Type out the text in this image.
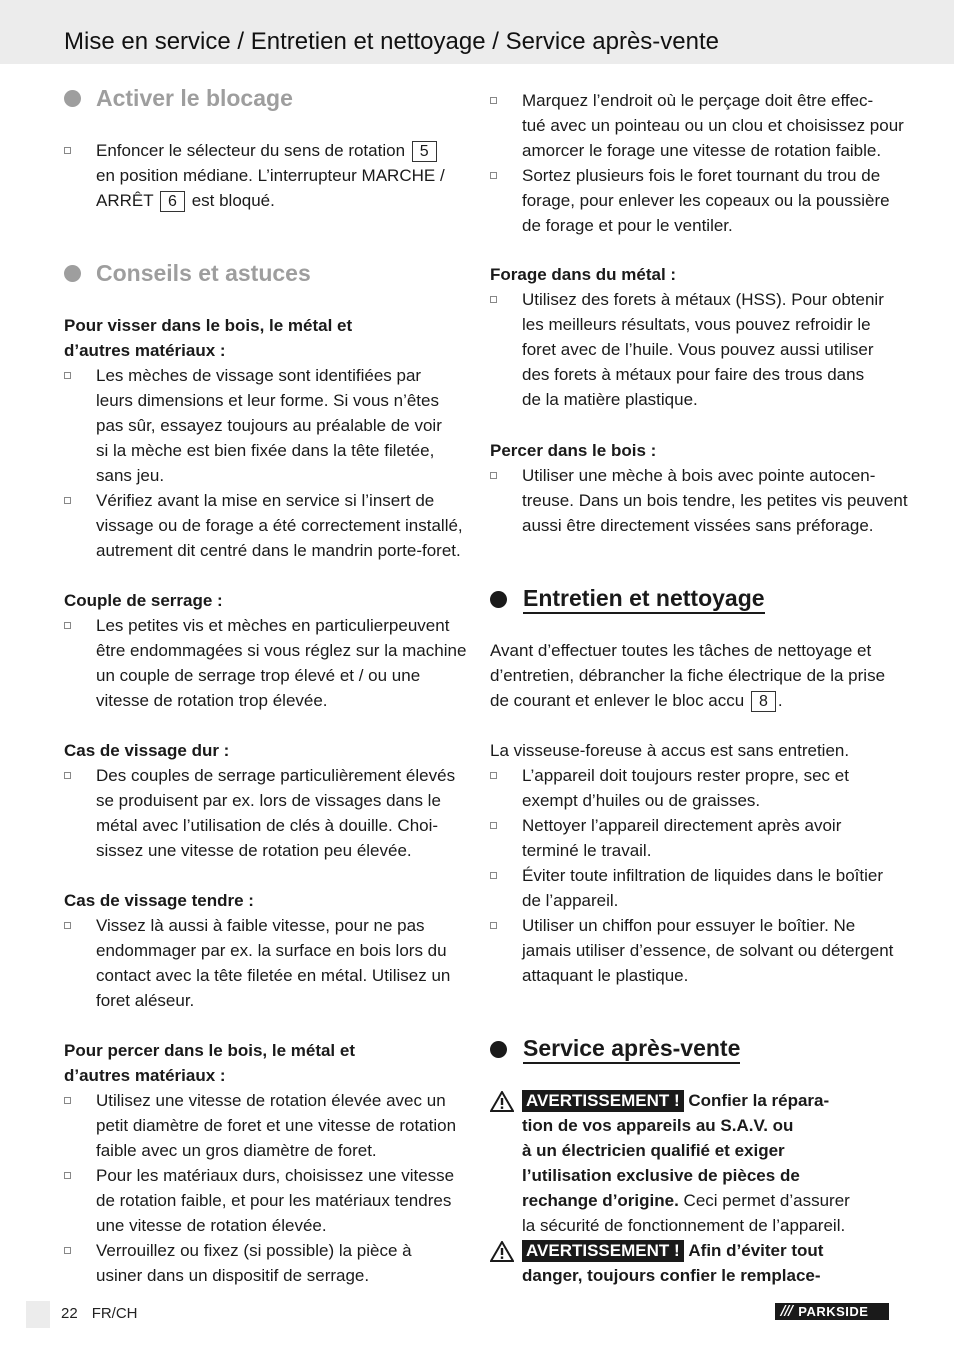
Mise en service / Entretien et nettoyage / Service après-vente
Activer le blocage
Enfoncer le sélecteur du sens de rotation 5
en position médiane. L’interrupteur MARCHE /
ARRÊT 6 est bloqué.
Conseils et astuces
Pour visser dans le bois, le métal et
d’autres matériaux :
Les mèches de vissage sont identifiées par
leurs dimensions et leur forme. Si vous n’êtes
pas sûr, essayez toujours au préalable de voir
si la mèche est bien fixée dans la tête filetée,
sans jeu.
Vérifiez avant la mise en service si l’insert de
vissage ou de forage a été correctement installé,
autrement dit centré dans le mandrin porte-foret.
Couple de serrage :
Les petites vis et mèches en particulierpeuvent
être endommagées si vous réglez sur la machine
un couple de serrage trop élevé et / ou une
vitesse de rotation trop élevée.
Cas de vissage dur :
Des couples de serrage particulièrement élevés
se produisent par ex. lors de vissages dans le
métal avec l’utilisation de clés à douille. Choi-
sissez une vitesse de rotation peu élevée.
Cas de vissage tendre :
Vissez là aussi à faible vitesse, pour ne pas
endommager par ex. la surface en bois lors du
contact avec la tête filetée en métal. Utilisez un
foret aléseur.
Pour percer dans le bois, le métal et
d’autres matériaux :
Utilisez une vitesse de rotation élevée avec un
petit diamètre de foret et une vitesse de rotation
faible avec un gros diamètre de foret.
Pour les matériaux durs, choisissez une vitesse
de rotation faible, et pour les matériaux tendres
une vitesse de rotation élevée.
Verrouillez ou fixez (si possible) la pièce à
usiner dans un dispositif de serrage.
Marquez l’endroit où le perçage doit être effec-
tué avec un pointeau ou un clou et choisissez pour
amorcer le forage une vitesse de rotation faible.
Sortez plusieurs fois le foret tournant du trou de
forage, pour enlever les copeaux ou la poussière
de forage et pour le ventiler.
Forage dans du métal :
Utilisez des forets à métaux (HSS). Pour obtenir
les meilleurs résultats, vous pouvez refroidir le
foret avec de l’huile. Vous pouvez aussi utiliser
des forets à métaux pour faire des trous dans
de la matière plastique.
Percer dans le bois :
Utiliser une mèche à bois avec pointe autocen-
treuse. Dans un bois tendre, les petites vis peuvent
aussi être directement vissées sans préforage.
Entretien et nettoyage
Avant d’effectuer toutes les tâches de nettoyage et
d’entretien, débrancher la fiche électrique de la prise
de courant et enlever le bloc accu 8 .
La visseuse-foreuse à accus est sans entretien.
L’appareil doit toujours rester propre, sec et
exempt d’huiles ou de graisses.
Nettoyer l’appareil directement après avoir
terminé le travail.
Éviter toute infiltration de liquides dans le boîtier
de l’appareil.
Utiliser un chiffon pour essuyer le boîtier. Ne
jamais utiliser d’essence, de solvant ou détergent
attaquant le plastique.
Service après-vente
AVERTISSEMENT ! Confier la répara-
tion de vos appareils au S.A.V. ou
à un électricien qualifié et exiger
l’utilisation exclusive de pièces de
rechange d’origine. Ceci permet d’assurer
la sécurité de fonctionnement de l’appareil.
AVERTISSEMENT ! Afin d’éviter tout
danger, toujours confier le remplace-
22 FR/CH	/// PARKSIDE
